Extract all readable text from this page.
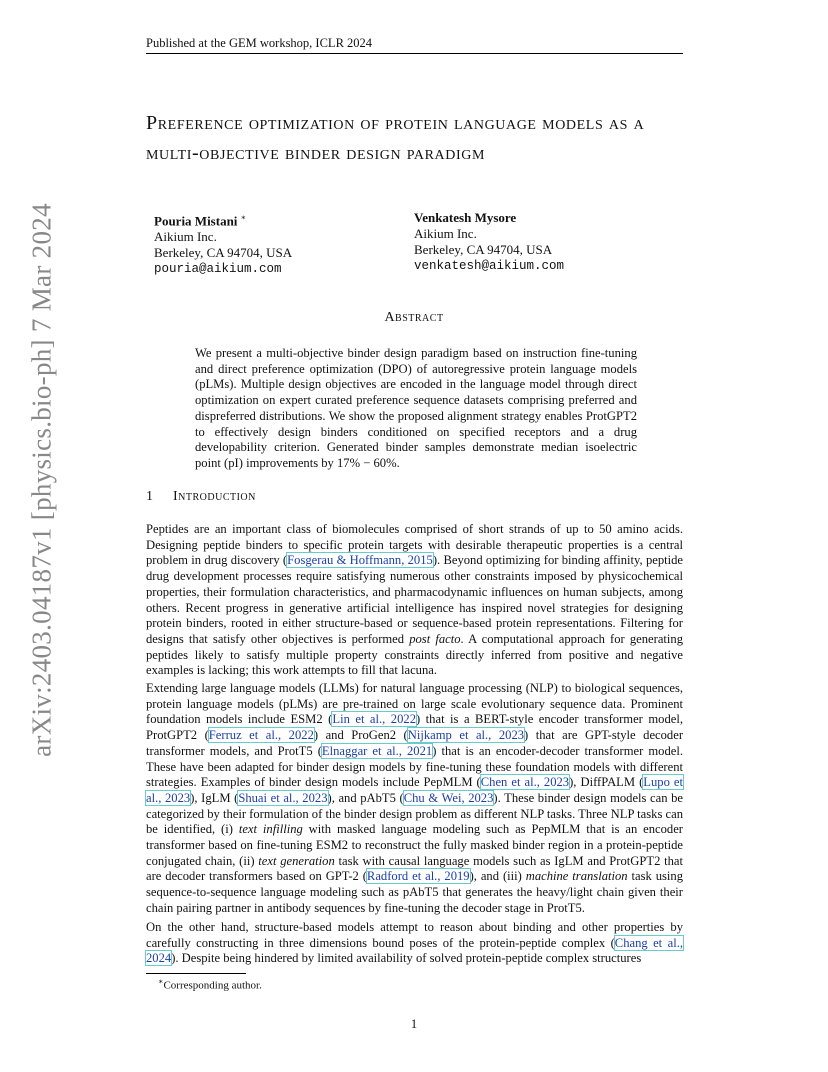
Published at the GEM workshop, ICLR 2024
arXiv:2403.04187v1 [physics.bio-ph] 7 Mar 2024
Preference optimization of protein language models as a multi-objective binder design paradigm
Pouria Mistani ∗
Aikium Inc.
Berkeley, CA 94704, USA
pouria@aikium.com
Venkatesh Mysore
Aikium Inc.
Berkeley, CA 94704, USA
venkatesh@aikium.com
Abstract
We present a multi-objective binder design paradigm based on instruction fine-tuning and direct preference optimization (DPO) of autoregressive protein language models (pLMs). Multiple design objectives are encoded in the language model through direct optimization on expert curated preference sequence datasets comprising preferred and dispreferred distributions. We show the proposed alignment strategy enables ProtGPT2 to effectively design binders conditioned on specified receptors and a drug developability criterion. Generated binder samples demonstrate median isoelectric point (pI) improvements by 17% − 60%.
1 Introduction
Peptides are an important class of biomolecules comprised of short strands of up to 50 amino acids. Designing peptide binders to specific protein targets with desirable therapeutic properties is a central problem in drug discovery (Fosgerau & Hoffmann, 2015). Beyond optimizing for binding affinity, peptide drug development processes require satisfying numerous other constraints imposed by physicochemical properties, their formulation characteristics, and pharmacodynamic influences on human subjects, among others. Recent progress in generative artificial intelligence has inspired novel strategies for designing protein binders, rooted in either structure-based or sequence-based protein representations. Filtering for designs that satisfy other objectives is performed post facto. A computational approach for generating peptides likely to satisfy multiple property constraints directly inferred from positive and negative examples is lacking; this work attempts to fill that lacuna.
Extending large language models (LLMs) for natural language processing (NLP) to biological sequences, protein language models (pLMs) are pre-trained on large scale evolutionary sequence data. Prominent foundation models include ESM2 (Lin et al., 2022) that is a BERT-style encoder transformer model, ProtGPT2 (Ferruz et al., 2022) and ProGen2 (Nijkamp et al., 2023) that are GPT-style decoder transformer models, and ProtT5 (Elnaggar et al., 2021) that is an encoder-decoder transformer model. These have been adapted for binder design models by fine-tuning these foundation models with different strategies. Examples of binder design models include PepMLM (Chen et al., 2023), DiffPALM (Lupo et al., 2023), IgLM (Shuai et al., 2023), and pAbT5 (Chu & Wei, 2023). These binder design models can be categorized by their formulation of the binder design problem as different NLP tasks. Three NLP tasks can be identified, (i) text infilling with masked language modeling such as PepMLM that is an encoder transformer based on fine-tuning ESM2 to reconstruct the fully masked binder region in a protein-peptide conjugated chain, (ii) text generation task with causal language models such as IgLM and ProtGPT2 that are decoder transformers based on GPT-2 (Radford et al., 2019), and (iii) machine translation task using sequence-to-sequence language modeling such as pAbT5 that generates the heavy/light chain given their chain pairing partner in antibody sequences by fine-tuning the decoder stage in ProtT5.
On the other hand, structure-based models attempt to reason about binding and other properties by carefully constructing in three dimensions bound poses of the protein-peptide complex (Chang et al., 2024). Despite being hindered by limited availability of solved protein-peptide complex structures
∗Corresponding author.
1
